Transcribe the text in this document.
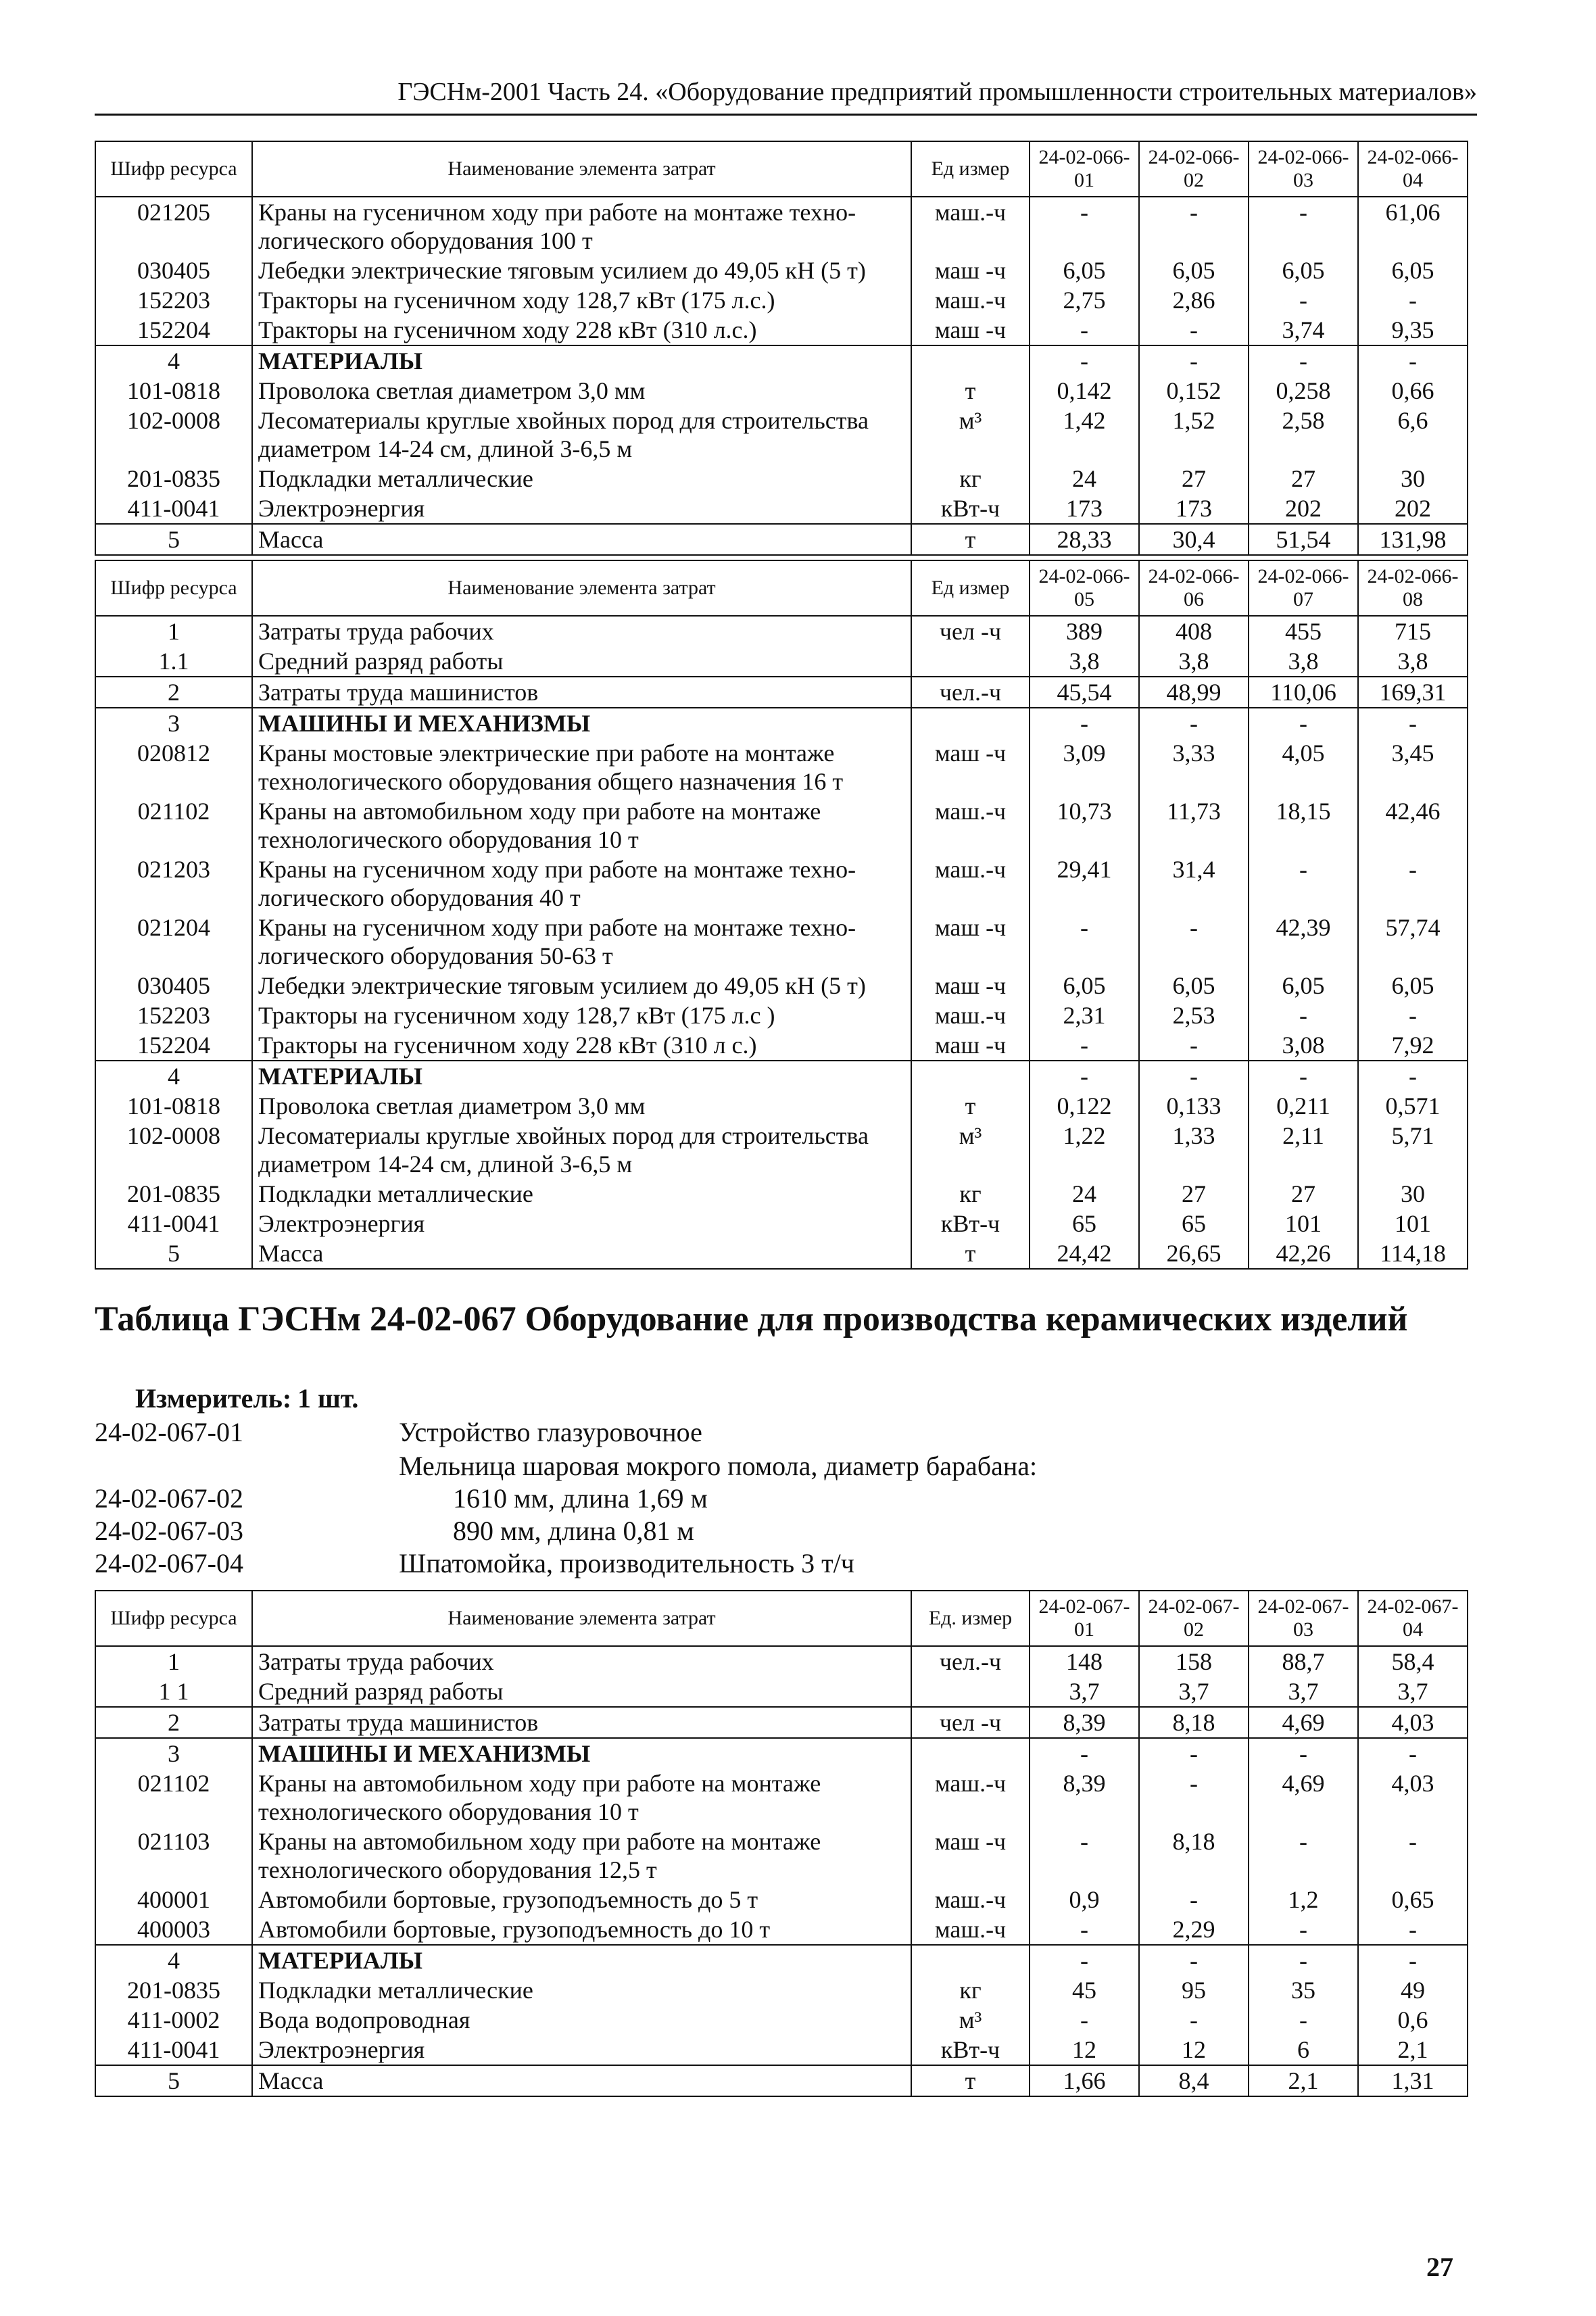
ГЭСНм-2001 Часть 24. «Оборудование предприятий промышленности строительных материалов»
Шифр ресурса	Наименование элемента затрат	Ед измер	24-02-066-01	24-02-066-02	24-02-066-03	24-02-066-04
021205	Краны на гусеничном ходу при работе на монтаже техно-логического оборудования 100 т	маш.-ч	-	-	-	61,06
030405	Лебедки электрические тяговым усилием до 49,05 кН (5 т)	маш -ч	6,05	6,05	6,05	6,05
152203	Тракторы на гусеничном ходу 128,7 кВт (175 л.с.)	маш.-ч	2,75	2,86	-	-
152204	Тракторы на гусеничном ходу 228 кВт (310 л.с.)	маш -ч	-	-	3,74	9,35
4	МАТЕРИАЛЫ		-	-	-	-
101-0818	Проволока светлая диаметром 3,0 мм	т	0,142	0,152	0,258	0,66
102-0008	Лесоматериалы круглые хвойных пород для строительства диаметром 14-24 см, длиной 3-6,5 м	м³	1,42	1,52	2,58	6,6
201-0835	Подкладки металлические	кг	24	27	27	30
411-0041	Электроэнергия	кВт-ч	173	173	202	202
5	Масса	т	28,33	30,4	51,54	131,98
Шифр ресурса	Наименование элемента затрат	Ед измер	24-02-066-05	24-02-066-06	24-02-066-07	24-02-066-08
1	Затраты труда рабочих	чел -ч	389	408	455	715
1.1	Средний разряд работы		3,8	3,8	3,8	3,8
2	Затраты труда машинистов	чел.-ч	45,54	48,99	110,06	169,31
3	МАШИНЫ И МЕХАНИЗМЫ		-	-	-	-
020812	Краны мостовые электрические при работе на монтаже технологического оборудования общего назначения 16 т	маш -ч	3,09	3,33	4,05	3,45
021102	Краны на автомобильном ходу при работе на монтаже технологического оборудования 10 т	маш.-ч	10,73	11,73	18,15	42,46
021203	Краны на гусеничном ходу при работе на монтаже техно-логического оборудования 40 т	маш.-ч	29,41	31,4	-	-
021204	Краны на гусеничном ходу при работе на монтаже техно-логического оборудования 50-63 т	маш -ч	-	-	42,39	57,74
030405	Лебедки электрические тяговым усилием до 49,05 кН (5 т)	маш -ч	6,05	6,05	6,05	6,05
152203	Тракторы на гусеничном ходу 128,7 кВт (175 л.с )	маш.-ч	2,31	2,53	-	-
152204	Тракторы на гусеничном ходу 228 кВт (310 л с.)	маш -ч	-	-	3,08	7,92
4	МАТЕРИАЛЫ		-	-	-	-
101-0818	Проволока светлая диаметром 3,0 мм	т	0,122	0,133	0,211	0,571
102-0008	Лесоматериалы круглые хвойных пород для строительства диаметром 14-24 см, длиной 3-6,5 м	м³	1,22	1,33	2,11	5,71
201-0835	Подкладки металлические	кг	24	27	27	30
411-0041	Электроэнергия	кВт-ч	65	65	101	101
5	Масса	т	24,42	26,65	42,26	114,18
Таблица ГЭСНм 24-02-067 Оборудование для производства керамических изделий
Измеритель: 1 шт.
24-02-067-01	Устройство глазуровочное
Мельница шаровая мокрого помола, диаметр барабана:
24-02-067-02	1610 мм, длина 1,69 м
24-02-067-03	890 мм, длина 0,81 м
24-02-067-04	Шпатомойка, производительность 3 т/ч
Шифр ресурса	Наименование элемента затрат	Ед. измер	24-02-067-01	24-02-067-02	24-02-067-03	24-02-067-04
1	Затраты труда рабочих	чел.-ч	148	158	88,7	58,4
1 1	Средний разряд работы		3,7	3,7	3,7	3,7
2	Затраты труда машинистов	чел -ч	8,39	8,18	4,69	4,03
3	МАШИНЫ И МЕХАНИЗМЫ		-	-	-	-
021102	Краны на автомобильном ходу при работе на монтаже технологического оборудования 10 т	маш.-ч	8,39	-	4,69	4,03
021103	Краны на автомобильном ходу при работе на монтаже технологического оборудования 12,5 т	маш -ч	-	8,18	-	-
400001	Автомобили бортовые, грузоподъемность до 5 т	маш.-ч	0,9	-	1,2	0,65
400003	Автомобили бортовые, грузоподъемность до 10 т	маш.-ч	-	2,29	-	-
4	МАТЕРИАЛЫ		-	-	-	-
201-0835	Подкладки металлические	кг	45	95	35	49
411-0002	Вода водопроводная	м³	-	-	-	0,6
411-0041	Электроэнергия	кВт-ч	12	12	6	2,1
5	Масса	т	1,66	8,4	2,1	1,31
27
